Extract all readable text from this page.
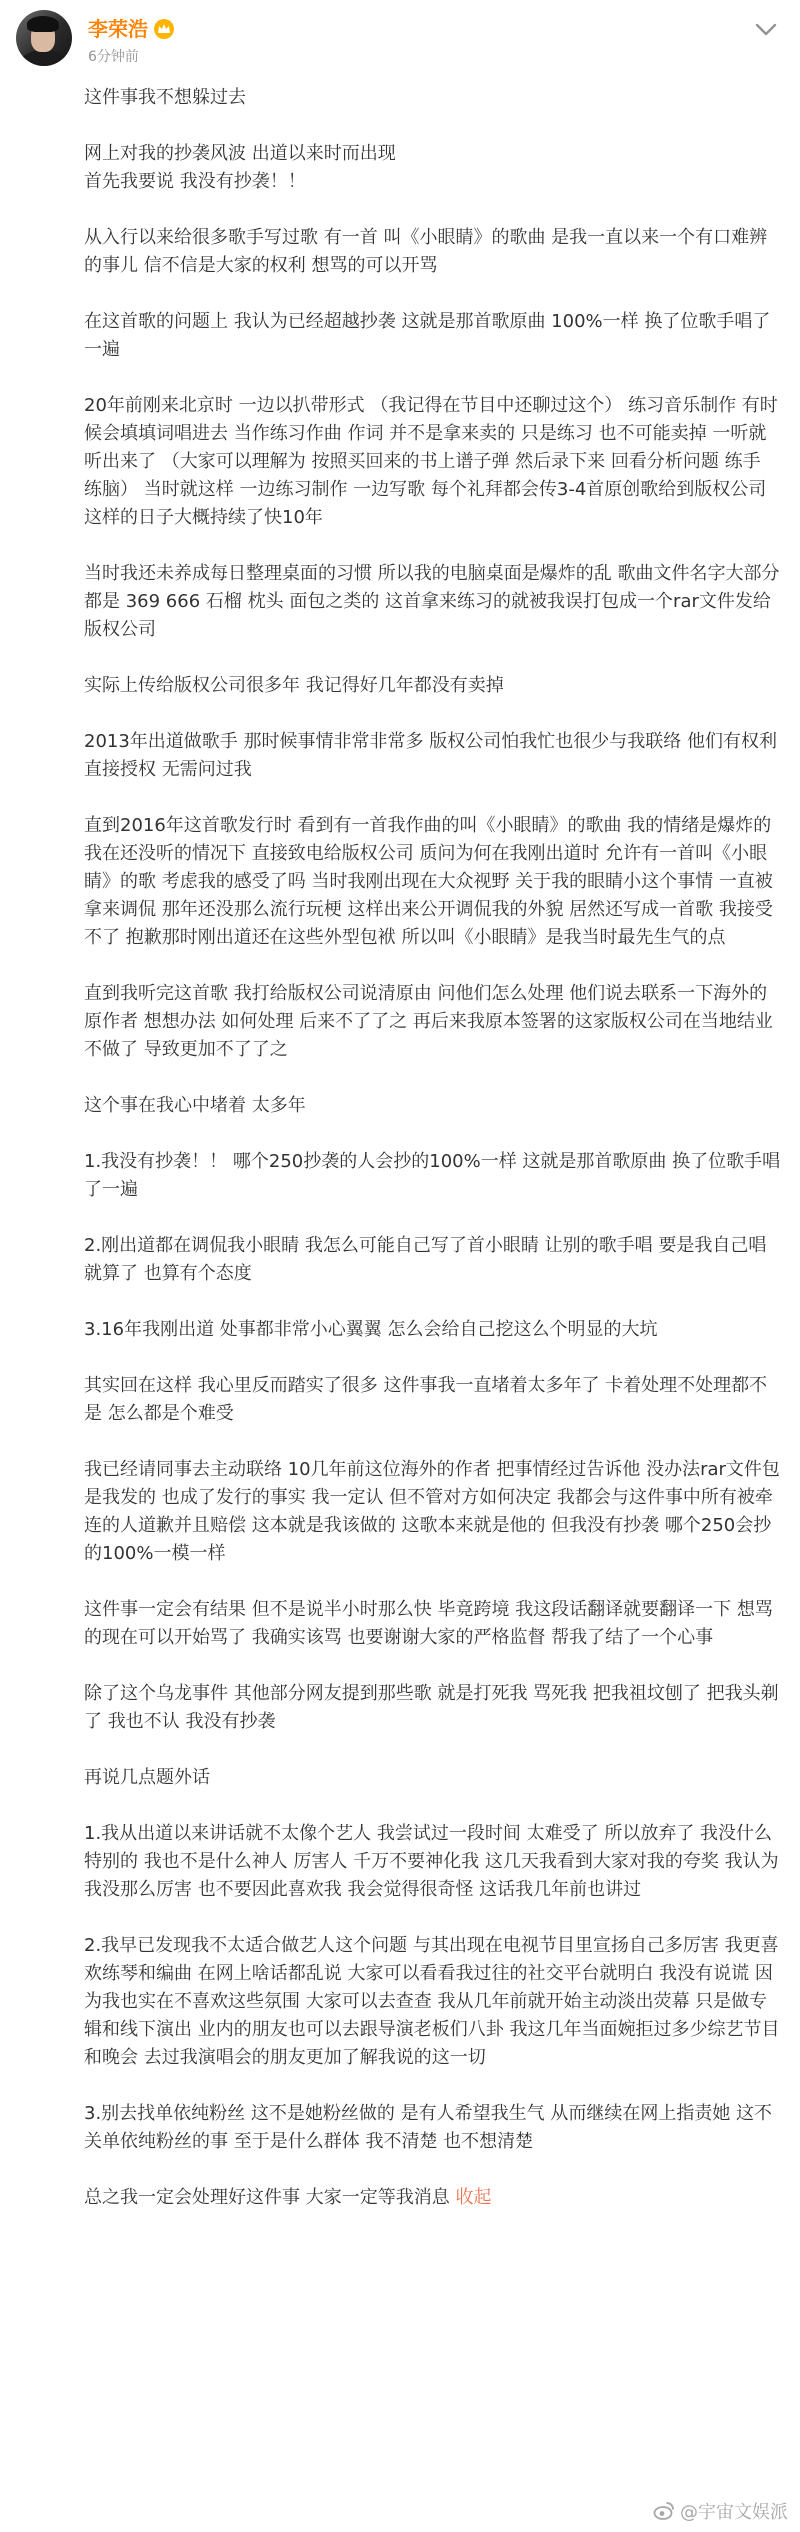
李荣浩
6分钟前

这件事我不想躲过去

网上对我的抄袭风波 出道以来时而出现
首先我要说 我没有抄袭！！

从入行以来给很多歌手写过歌 有一首 叫《小眼睛》的歌曲 是我一直以来一个有口难辨的事儿 信不信是大家的权利 想骂的可以开骂

在这首歌的问题上 我认为已经超越抄袭 这就是那首歌原曲 100%一样 换了位歌手唱了一遍

20年前刚来北京时 一边以扒带形式 （我记得在节目中还聊过这个） 练习音乐制作 有时候会填填词唱进去 当作练习作曲 作词 并不是拿来卖的 只是练习 也不可能卖掉 一听就听出来了 （大家可以理解为 按照买回来的书上谱子弹 然后录下来 回看分析问题 练手 练脑） 当时就这样 一边练习制作 一边写歌 每个礼拜都会传3-4首原创歌给到版权公司 这样的日子大概持续了快10年

当时我还未养成每日整理桌面的习惯 所以我的电脑桌面是爆炸的乱 歌曲文件名字大部分都是 369 666 石榴 枕头 面包之类的 这首拿来练习的就被我误打包成一个rar文件发给版权公司

实际上传给版权公司很多年 我记得好几年都没有卖掉

2013年出道做歌手 那时候事情非常非常多 版权公司怕我忙也很少与我联络 他们有权利直接授权 无需问过我

直到2016年这首歌发行时 看到有一首我作曲的叫《小眼睛》的歌曲 我的情绪是爆炸的 我在还没听的情况下 直接致电给版权公司 质问为何在我刚出道时 允许有一首叫《小眼睛》的歌 考虑我的感受了吗 当时我刚出现在大众视野 关于我的眼睛小这个事情 一直被拿来调侃 那年还没那么流行玩梗 这样出来公开调侃我的外貌 居然还写成一首歌 我接受不了 抱歉那时刚出道还在这些外型包袱 所以叫《小眼睛》是我当时最先生气的点

直到我听完这首歌 我打给版权公司说清原由 问他们怎么处理 他们说去联系一下海外的原作者 想想办法 如何处理 后来不了了之 再后来我原本签署的这家版权公司在当地结业不做了 导致更加不了了之

这个事在我心中堵着 太多年

1.我没有抄袭！！ 哪个250抄袭的人会抄的100%一样 这就是那首歌原曲 换了位歌手唱了一遍

2.刚出道都在调侃我小眼睛 我怎么可能自己写了首小眼睛 让别的歌手唱 要是我自己唱就算了 也算有个态度

3.16年我刚出道 处事都非常小心翼翼 怎么会给自己挖这么个明显的大坑

其实回在这样 我心里反而踏实了很多 这件事我一直堵着太多年了 卡着处理不处理都不是 怎么都是个难受

我已经请同事去主动联络 10几年前这位海外的作者 把事情经过告诉他 没办法rar文件包是我发的 也成了发行的事实 我一定认 但不管对方如何决定 我都会与这件事中所有被牵连的人道歉并且赔偿 这本就是我该做的 这歌本来就是他的 但我没有抄袭 哪个250会抄的100%一模一样

这件事一定会有结果 但不是说半小时那么快 毕竟跨境 我这段话翻译就要翻译一下 想骂的现在可以开始骂了 我确实该骂 也要谢谢大家的严格监督 帮我了结了一个心事

除了这个乌龙事件 其他部分网友提到那些歌 就是打死我 骂死我 把我祖坟刨了 把我头剃了 我也不认 我没有抄袭

再说几点题外话

1.我从出道以来讲话就不太像个艺人 我尝试过一段时间 太难受了 所以放弃了 我没什么特别的 我也不是什么神人 厉害人 千万不要神化我 这几天我看到大家对我的夸奖 我认为我没那么厉害 也不要因此喜欢我 我会觉得很奇怪 这话我几年前也讲过

2.我早已发现我不太适合做艺人这个问题 与其出现在电视节目里宣扬自己多厉害 我更喜欢练琴和编曲 在网上啥话都乱说 大家可以看看我过往的社交平台就明白 我没有说谎 因为我也实在不喜欢这些氛围 大家可以去查查 我从几年前就开始主动淡出荧幕 只是做专辑和线下演出 业内的朋友也可以去跟导演老板们八卦 我这几年当面婉拒过多少综艺节目和晚会 去过我演唱会的朋友更加了解我说的这一切

3.别去找单依纯粉丝 这不是她粉丝做的 是有人希望我生气 从而继续在网上指责她 这不关单依纯粉丝的事 至于是什么群体 我不清楚 也不想清楚

总之我一定会处理好这件事 大家一定等我消息 收起

@宇宙文娱派
